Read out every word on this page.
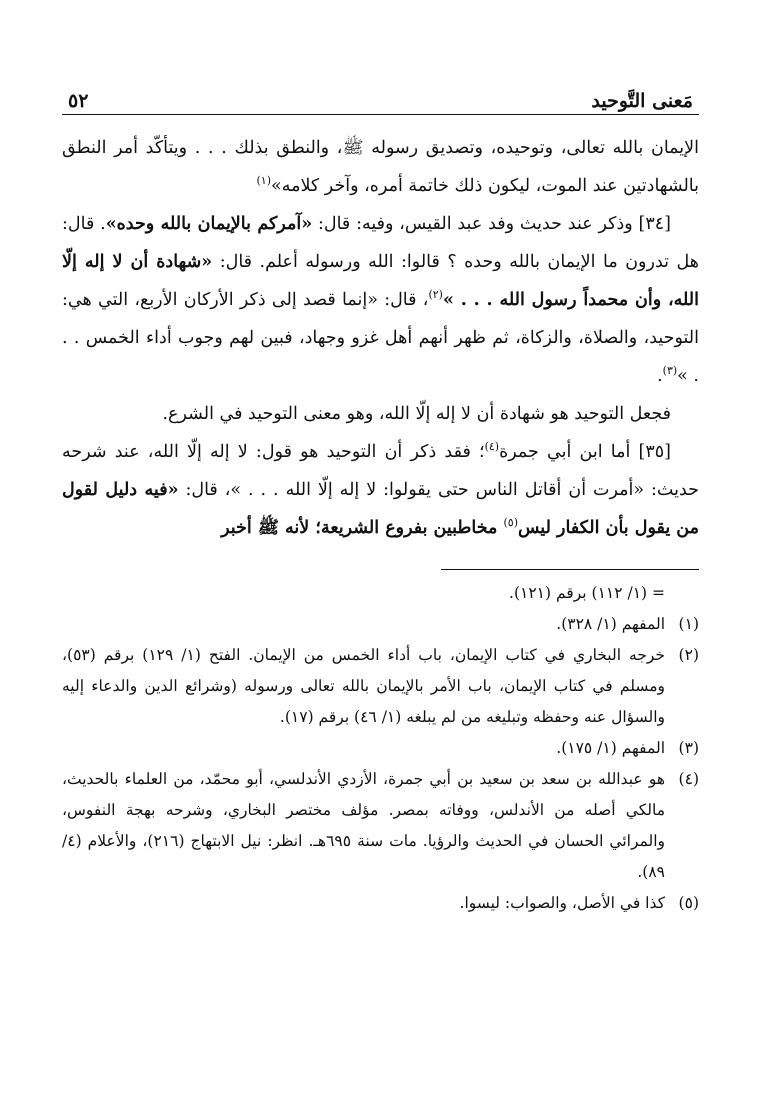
مَعنى التَّوحيد
٥٢

الإيمان بالله تعالى، وتوحيده، وتصديق رسوله ﷺ، والنطق بذلك . . . ويتأكّد أمر النطق بالشهادتين عند الموت، ليكون ذلك خاتمة أمره، وآخر كلامه»$^{(١)}$

[٣٤] وذكر عند حديث وفد عبد القيس، وفيه: قال: «آمركم بالإيمان بالله وحده». قال: هل تدرون ما الإيمان بالله وحده ؟ قالوا: الله ورسوله أعلم. قال: «شهادة أن لا إله إلّا الله، وأن محمداً رسول الله . . . »$^{(٢)}$، قال: «إنما قصد إلى ذكر الأركان الأربع، التي هي: التوحيد، والصلاة، والزكاة، ثم ظهر أنهم أهل غزو وجهاد، فبين لهم وجوب أداء الخمس . . . »$^{(٣)}$.

فجعل التوحيد هو شهادة أن لا إله إلّا الله، وهو معنى التوحيد في الشرع.

[٣٥] أما ابن أبي جمرة$^{(٤)}$؛ فقد ذكر أن التوحيد هو قول: لا إله إلّا الله، عند شرحه حديث: «أمرت أن أقاتل الناس حتى يقولوا: لا إله إلّا الله . . . »، قال: «فيه دليل لقول من يقول بأن الكفار ليس$^{(٥)}$ مخاطبين بفروع الشريعة؛ لأنه ﷺ أخبر

= (١/ ١١٢) برقم (١٢١).

(١)
المفهم (١/ ٣٢٨).

(٢)
خرجه البخاري في كتاب الإيمان، باب أداء الخمس من الإيمان. الفتح (١/ ١٢٩) برقم (٥٣)، ومسلم في كتاب الإيمان، باب الأمر بالإيمان بالله تعالى ورسوله (وشرائع الدين والدعاء إليه والسؤال عنه وحفظه وتبليغه من لم يبلغه (١/ ٤٦) برقم (١٧).

(٣)
المفهم (١/ ١٧٥).

(٤)
هو عبدالله بن سعد بن سعيد بن أبي جمرة، الأزدي الأندلسي، أبو محمّد، من العلماء بالحديث، مالكي أصله من الأندلس، ووفاته بمصر. مؤلف مختصر البخاري، وشرحه بهجة النفوس، والمرائي الحسان في الحديث والرؤيا. مات سنة ٦٩٥هـ. انظر: نيل الابتهاج (٢١٦)، والأعلام (٤/ ٨٩).

(٥)
كذا في الأصل، والصواب: ليسوا.
